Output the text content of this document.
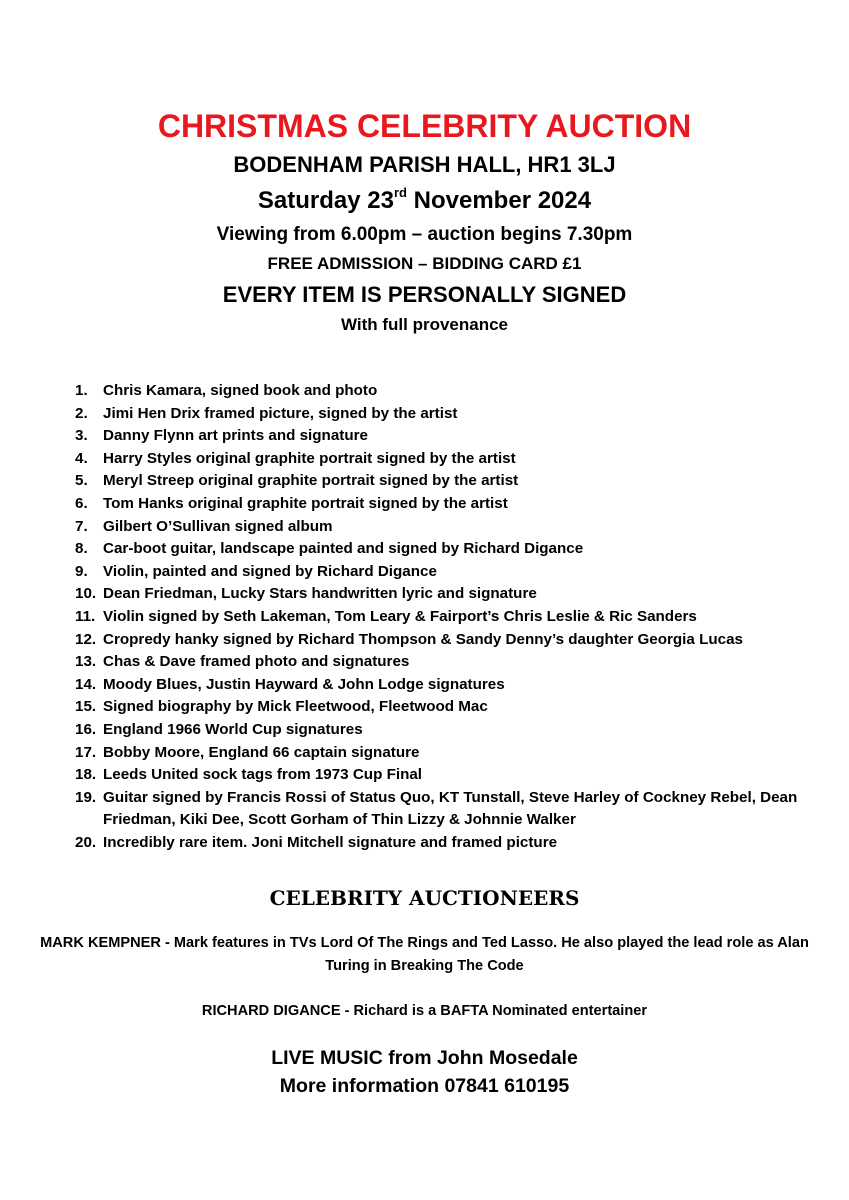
CHRISTMAS CELEBRITY AUCTION

BODENHAM PARISH HALL, HR1 3LJ

Saturday 23rd November 2024

Viewing from 6.00pm – auction begins 7.30pm

FREE ADMISSION – BIDDING CARD £1

EVERY ITEM IS PERSONALLY SIGNED

With full provenance

1. Chris Kamara, signed book and photo
2. Jimi Hen Drix framed picture, signed by the artist
3. Danny Flynn art prints and signature
4. Harry Styles original graphite portrait signed by the artist
5. Meryl Streep original graphite portrait signed by the artist
6. Tom Hanks original graphite portrait signed by the artist
7. Gilbert O’Sullivan signed album
8. Car-boot guitar, landscape painted and signed by Richard Digance
9. Violin, painted and signed by Richard Digance
10. Dean Friedman, Lucky Stars handwritten lyric and signature
11. Violin signed by Seth Lakeman, Tom Leary & Fairport’s Chris Leslie & Ric Sanders
12. Cropredy hanky signed by Richard Thompson & Sandy Denny’s daughter Georgia Lucas
13. Chas & Dave framed photo and signatures
14. Moody Blues, Justin Hayward & John Lodge signatures
15. Signed biography by Mick Fleetwood, Fleetwood Mac
16. England 1966 World Cup signatures
17. Bobby Moore, England 66 captain signature
18. Leeds United sock tags from 1973 Cup Final
19. Guitar signed by Francis Rossi of Status Quo, KT Tunstall, Steve Harley of Cockney Rebel, Dean Friedman, Kiki Dee, Scott Gorham of Thin Lizzy & Johnnie Walker
20. Incredibly rare item. Joni Mitchell signature and framed picture

CELEBRITY AUCTIONEERS

MARK KEMPNER - Mark features in TVs Lord Of The Rings and Ted Lasso. He also played the lead role as Alan Turing in Breaking The Code

RICHARD DIGANCE - Richard is a BAFTA Nominated entertainer

LIVE MUSIC from John Mosedale

More information 07841 610195
